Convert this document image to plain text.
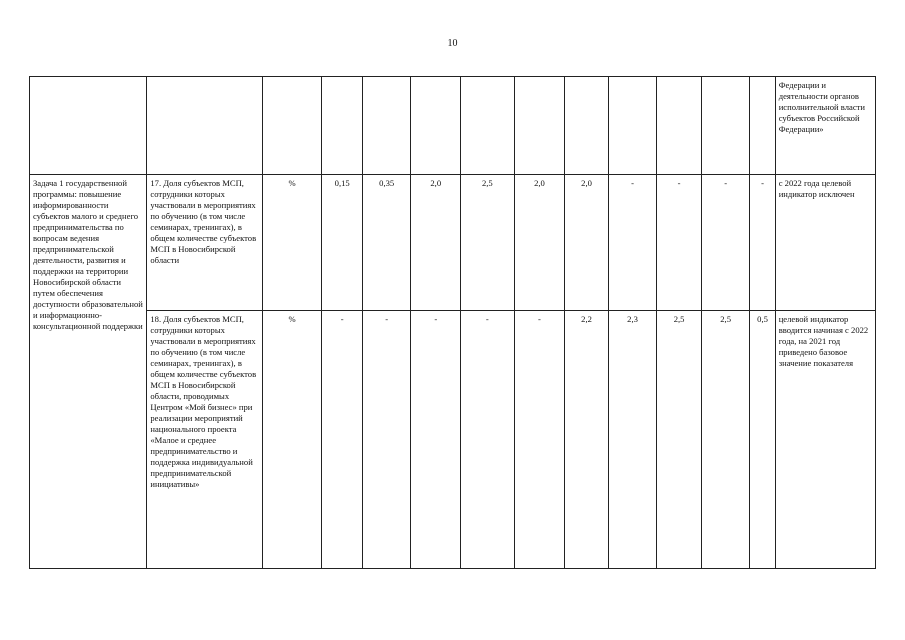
10
													Федерации и деятельности органов исполнительной власти субъектов Российской Федерации»
Задача 1 государственной программы: повышение информированности субъектов малого и среднего предпринимательства по вопросам ведения предпринимательской деятельности, развития и поддержки на территории Новосибирской области путем обеспечения доступности образовательной и информационно-консультационной поддержки	17. Доля субъектов МСП, сотрудники которых участвовали в мероприятиях по обучению (в том числе семинарах, тренингах), в общем количестве субъектов МСП в Новосибирской области	%	0,15	0,35	2,0	2,5	2,0	2,0	-	-	-	-	с 2022 года целевой индикатор исключен
	18. Доля субъектов МСП, сотрудники которых участвовали в мероприятиях по обучению (в том числе семинарах, тренингах), в общем количестве субъектов МСП в Новосибирской области, проводимых Центром «Мой бизнес» при реализации мероприятий национального проекта «Малое и среднее предпринимательство и поддержка индивидуальной предпринимательской инициативы»	%	-	-	-	-	-	2,2	2,3	2,5	2,5	0,5	целевой индикатор вводится начиная с 2022 года, на 2021 год приведено базовое значение показателя
